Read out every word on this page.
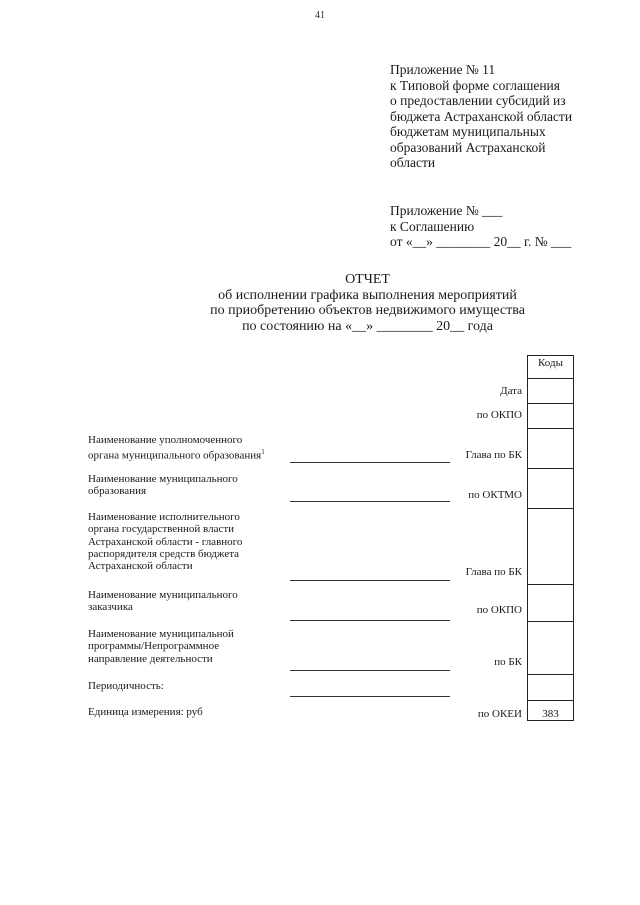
41
Приложение № 11
к Типовой форме соглашения
о предоставлении субсидий из
бюджета Астраханской области
бюджетам муниципальных
образований Астраханской
области
Приложение № ___
к Соглашению
от «__» ________ 20__ г. № ___
ОТЧЕТ
об исполнении графика выполнения мероприятий
по приобретению объектов недвижимого имущества
по состоянию на «__» ________ 20__ года
Коды
383
Дата
по ОКПО
Глава по БК
по ОКТМО
Глава по БК
по ОКПО
по БК
по ОКЕИ
Наименование уполномоченного
органа муниципального образования$^1$
Наименование муниципального
образования
Наименование исполнительного
органа государственной власти
Астраханской области - главного
распорядителя средств бюджета
Астраханской области
Наименование муниципального
заказчика
Наименование муниципальной
программы/Непрограммное
направление деятельности
Периодичность:
Единица измерения: руб
